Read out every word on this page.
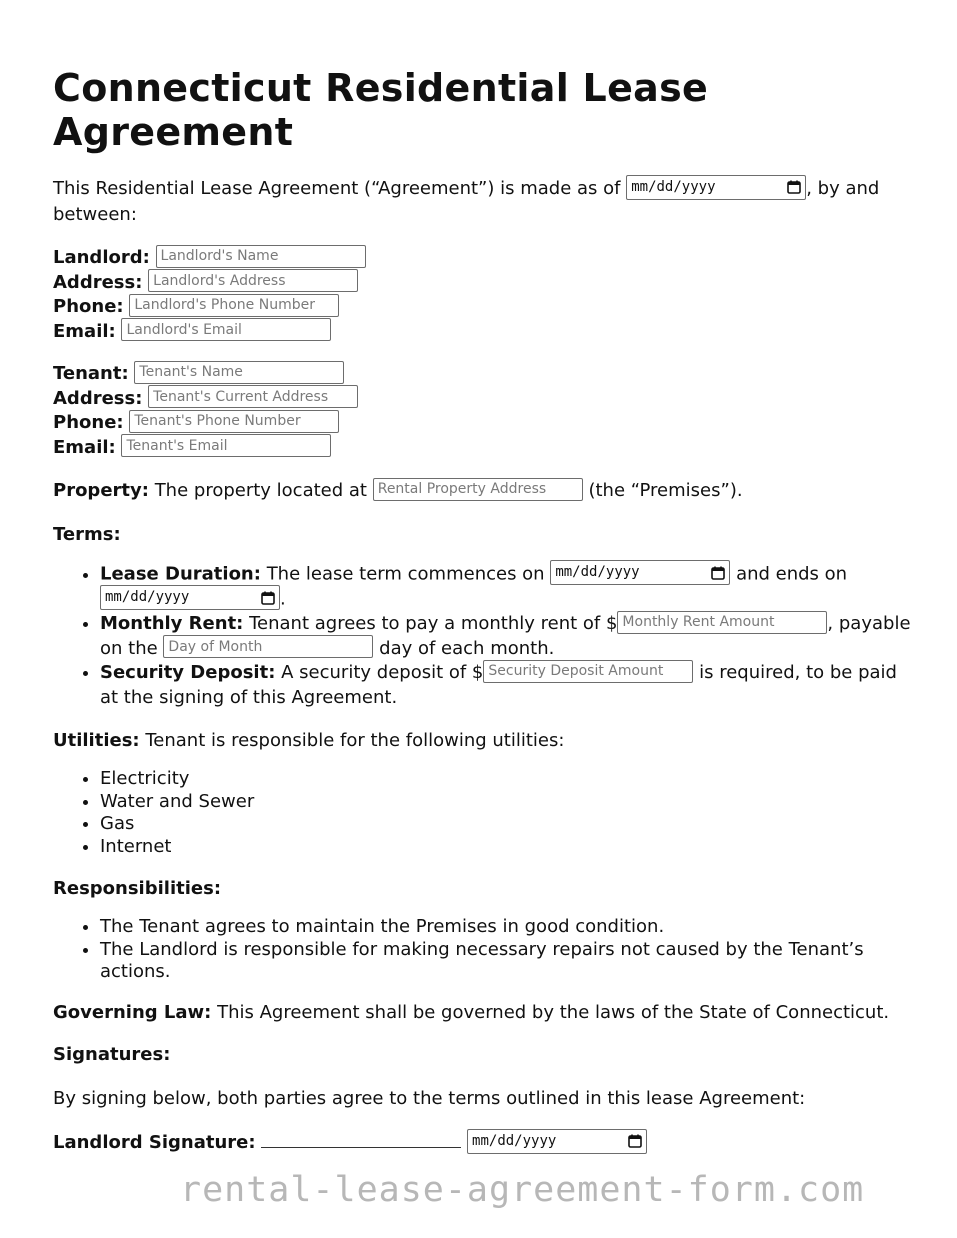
Connecticut Residential Lease Agreement

This Residential Lease Agreement (“Agreement”) is made as of mm/dd/yyyy	, by and between:

Landlord: Landlord's Name

Address: Landlord's Address

Phone: Landlord's Phone Number

Email: Landlord's Email

Tenant: Tenant's Name

Address: Tenant's Current Address

Phone: Tenant's Phone Number

Email: Tenant's Email

Property: The property located at Rental Property Address	(the “Premises”).

Terms:

• Lease Duration: The lease term commences on mm/dd/yyyy	and ends on
mm/dd/yyyy	.
• Monthly Rent: Tenant agrees to pay a monthly rent of $Monthly Rent Amount	, payable on the Day of Month	day of each month.
• Security Deposit: A security deposit of $Security Deposit Amount	is required, to be paid at the signing of this Agreement.

Utilities: Tenant is responsible for the following utilities:

• Electricity
• Water and Sewer
• Gas
• Internet

Responsibilities:

• The Tenant agrees to maintain the Premises in good condition.
• The Landlord is responsible for making necessary repairs not caused by the Tenant’s actions.

Governing Law: This Agreement shall be governed by the laws of the State of Connecticut.

Signatures:

By signing below, both parties agree to the terms outlined in this lease Agreement:

Landlord Signature:	mm/dd/yyyy

rental-lease-agreement-form.com
